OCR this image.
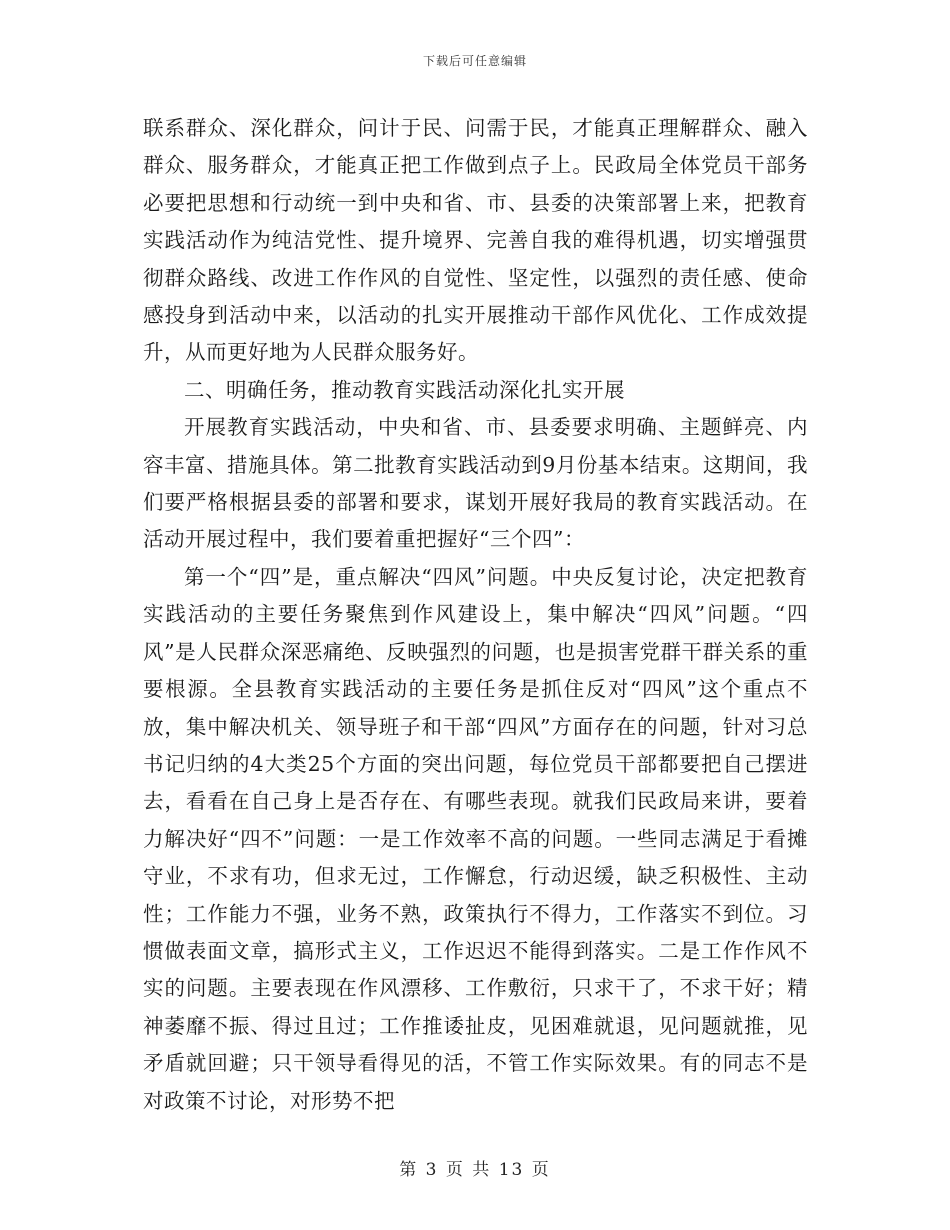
下载后可任意编辑

联系群众、深化群众，问计于民、问需于民，才能真正理解群众、融入群众、服务群众，才能真正把工作做到点子上。民政局全体党员干部务必要把思想和行动统一到中央和省、市、县委的决策部署上来，把教育实践活动作为纯洁党性、提升境界、完善自我的难得机遇，切实增强贯彻群众路线、改进工作作风的自觉性、坚定性，以强烈的责任感、使命感投身到活动中来，以活动的扎实开展推动干部作风优化、工作成效提升，从而更好地为人民群众服务好。

二、明确任务，推动教育实践活动深化扎实开展

开展教育实践活动，中央和省、市、县委要求明确、主题鲜亮、内容丰富、措施具体。第二批教育实践活动到9月份基本结束。这期间，我们要严格根据县委的部署和要求，谋划开展好我局的教育实践活动。在活动开展过程中，我们要着重把握好“三个四”：

第一个“四”是，重点解决“四风”问题。中央反复讨论，决定把教育实践活动的主要任务聚焦到作风建设上，集中解决“四风”问题。“四风”是人民群众深恶痛绝、反映强烈的问题，也是损害党群干群关系的重要根源。全县教育实践活动的主要任务是抓住反对“四风”这个重点不放，集中解决机关、领导班子和干部“四风”方面存在的问题，针对习总书记归纳的4大类25个方面的突出问题，每位党员干部都要把自己摆进去，看看在自己身上是否存在、有哪些表现。就我们民政局来讲，要着力解决好“四不”问题：一是工作效率不高的问题。一些同志满足于看摊守业，不求有功，但求无过，工作懈怠，行动迟缓，缺乏积极性、主动性；工作能力不强，业务不熟，政策执行不得力，工作落实不到位。习惯做表面文章，搞形式主义，工作迟迟不能得到落实。二是工作作风不实的问题。主要表现在作风漂移、工作敷衍，只求干了，不求干好；精神萎靡不振、得过且过；工作推诿扯皮，见困难就退，见问题就推，见矛盾就回避；只干领导看得见的活，不管工作实际效果。有的同志不是对政策不讨论，对形势不把

第 3 页 共 13 页
